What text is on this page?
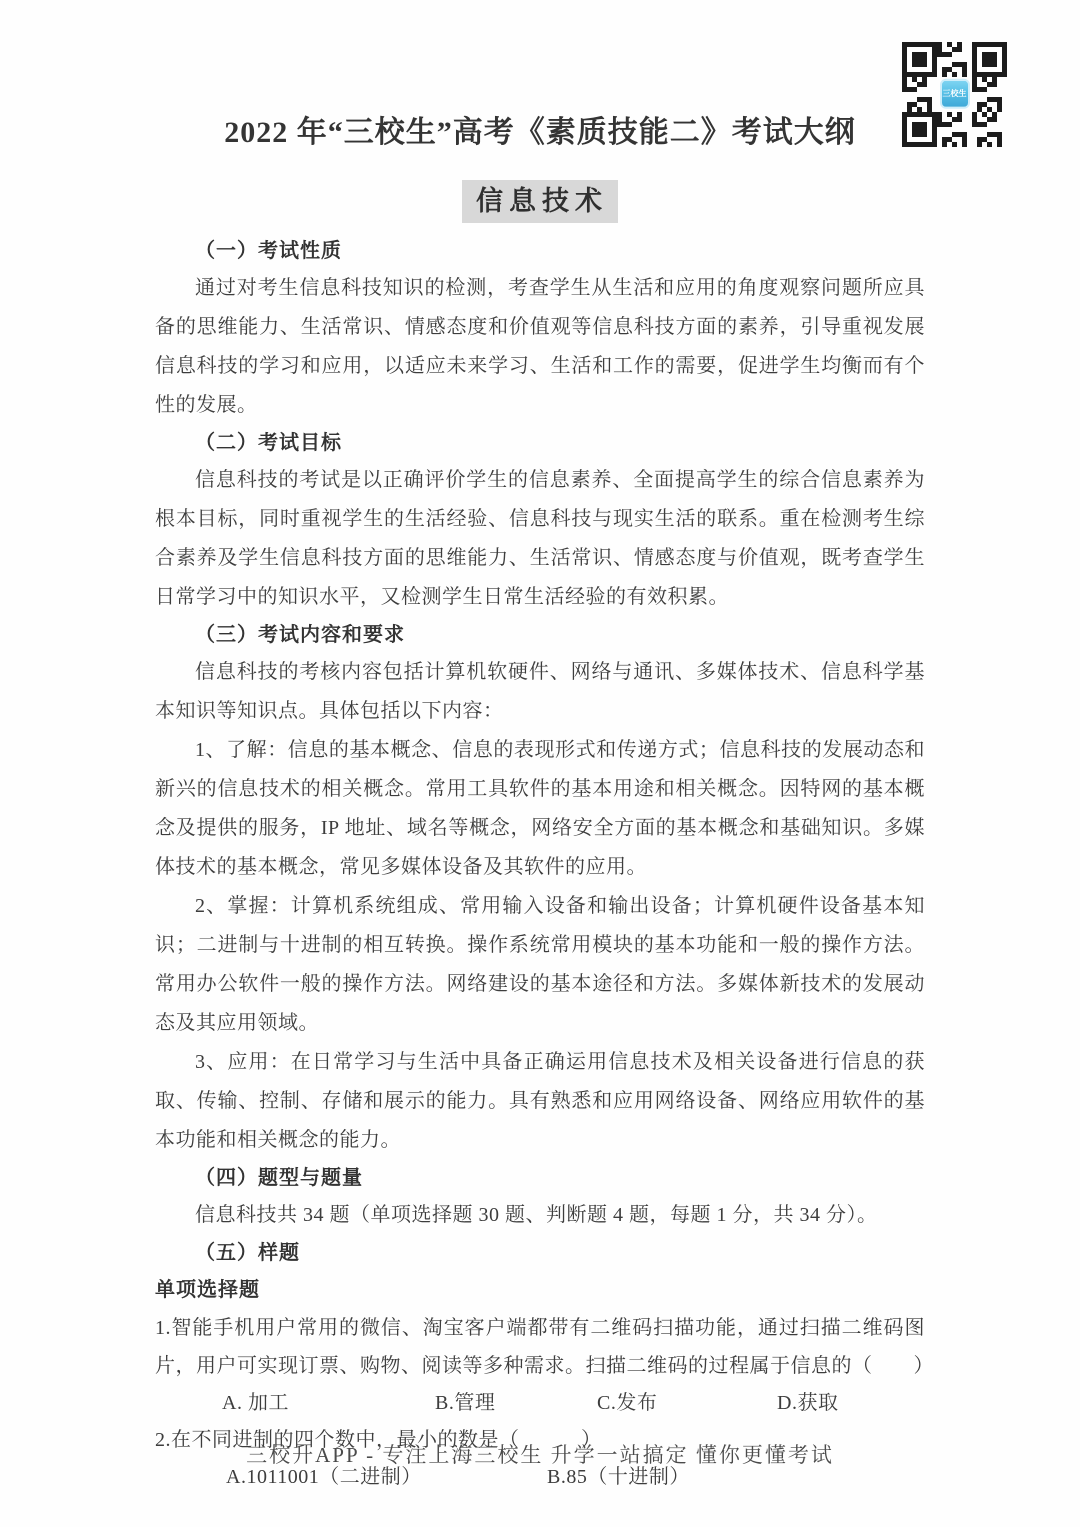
三校生
2022 年“三校生”高考《素质技能二》考试大纲
信息技术
（一）考试性质

通过对考生信息科技知识的检测，考查学生从生活和应用的角度观察问题所应具备的思维能力、生活常识、情感态度和价值观等信息科技方面的素养，引导重视发展信息科技的学习和应用，以适应未来学习、生活和工作的需要，促进学生均衡而有个性的发展。

（二）考试目标

信息科技的考试是以正确评价学生的信息素养、全面提高学生的综合信息素养为根本目标，同时重视学生的生活经验、信息科技与现实生活的联系。重在检测考生综合素养及学生信息科技方面的思维能力、生活常识、情感态度与价值观，既考查学生日常学习中的知识水平，又检测学生日常生活经验的有效积累。

（三）考试内容和要求

信息科技的考核内容包括计算机软硬件、网络与通讯、多媒体技术、信息科学基本知识等知识点。具体包括以下内容：

1、了解：信息的基本概念、信息的表现形式和传递方式；信息科技的发展动态和新兴的信息技术的相关概念。常用工具软件的基本用途和相关概念。因特网的基本概念及提供的服务，IP 地址、域名等概念，网络安全方面的基本概念和基础知识。多媒体技术的基本概念，常见多媒体设备及其软件的应用。

2、掌握：计算机系统组成、常用输入设备和输出设备；计算机硬件设备基本知识；二进制与十进制的相互转换。操作系统常用模块的基本功能和一般的操作方法。常用办公软件一般的操作方法。网络建设的基本途径和方法。多媒体新技术的发展动态及其应用领域。

3、应用：在日常学习与生活中具备正确运用信息技术及相关设备进行信息的获取、传输、控制、存储和展示的能力。具有熟悉和应用网络设备、网络应用软件的基本功能和相关概念的能力。

（四）题型与题量

信息科技共 34 题（单项选择题 30 题、判断题 4 题，每题 1 分，共 34 分）。

（五）样题
单项选择题

1.智能手机用户常用的微信、淘宝客户端都带有二维码扫描功能，通过扫描二维码图片，用户可实现订票、购物、阅读等多种需求。扫描二维码的过程属于信息的（　　）

A. 加工	B.管理	C.发布	D.获取

2.在不同进制的四个数中，最小的数是（　　　）

A.1011001（二进制）	B.85（十进制）
三校升APP - 专注上海三校生 升学一站搞定 懂你更懂考试
